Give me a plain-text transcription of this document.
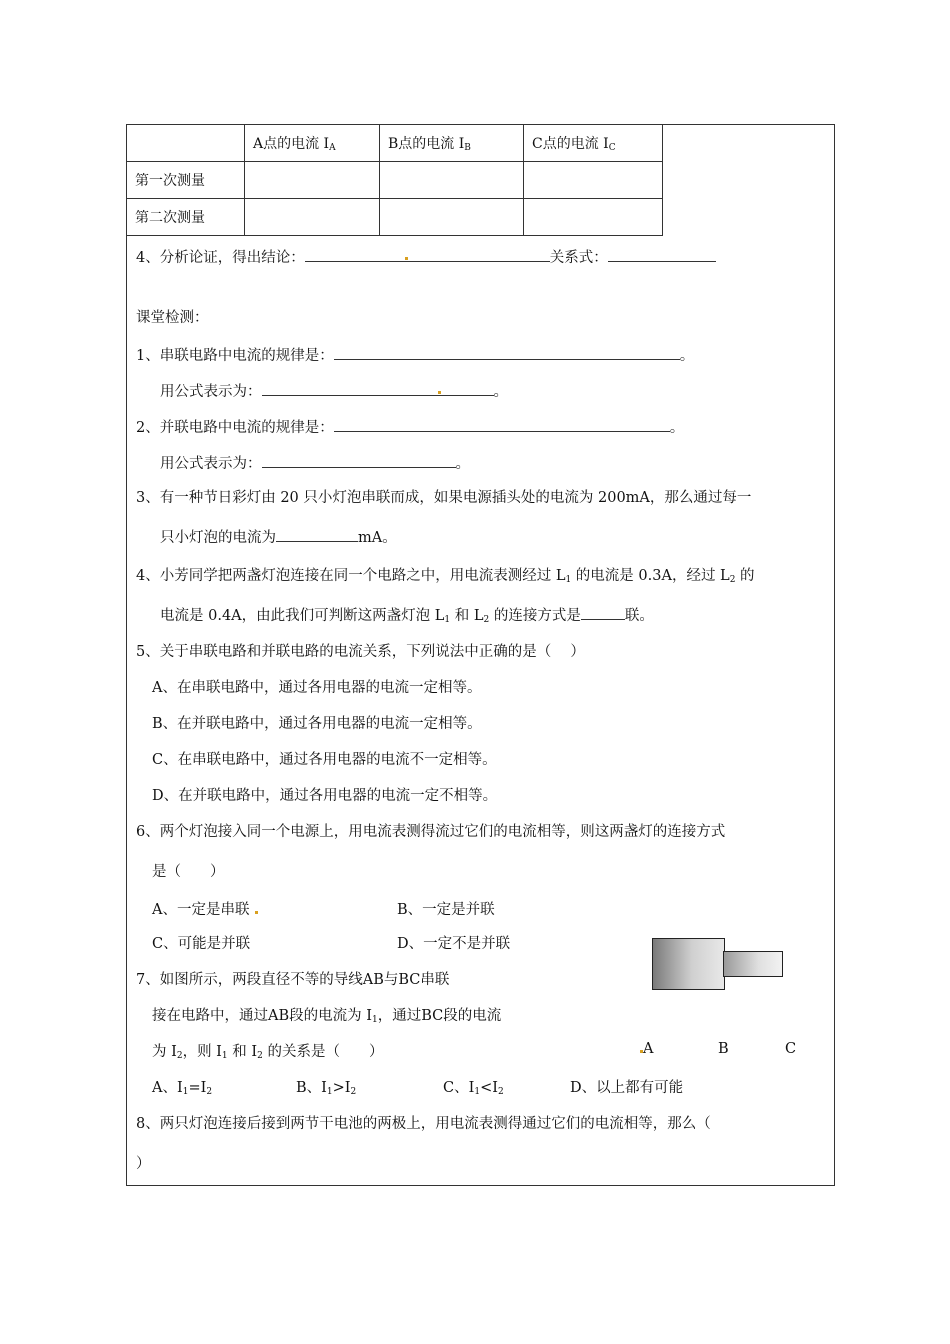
	A点的电流 $I_A$	B点的电流 $I_B$	C点的电流 $I_C$
第一次测量			
第二次测量			
4、分析论证，得出结论：	关系式：
课堂检测：
1、串联电路中电流的规律是：	。
用公式表示为：	。
2、并联电路中电流的规律是：	。
用公式表示为：	。
3、有一种节日彩灯由 20 只小灯泡串联而成，如果电源插头处的电流为 200mA，那么通过每一
只小灯泡的电流为	mA。
4、小芳同学把两盏灯泡连接在同一个电路之中，用电流表测经过 $L_1$ 的电流是 0.3A，经过 $L_2$ 的
电流是 0.4A，由此我们可判断这两盏灯泡 $L_1$ 和 $L_2$ 的连接方式是	联。
5、关于串联电路和并联电路的电流关系，下列说法中正确的是（　 ）
A、在串联电路中，通过各用电器的电流一定相等。
B、在并联电路中，通过各用电器的电流一定相等。
C、在串联电路中，通过各用电器的电流不一定相等。
D、在并联电路中，通过各用电器的电流一定不相等。
6、两个灯泡接入同一个电源上，用电流表测得流过它们的电流相等，则这两盏灯的连接方式
是（　　）
A、一定是串联	B、一定是并联
C、可能是并联	D、一定不是并联
A	B	C
7、如图所示，两段直径不等的导线AB与BC串联
接在电路中，通过AB段的电流为 $I_1$，通过BC段的电流
为 $I_2$，则 $I_1$ 和 $I_2$ 的关系是（　　）
A、$I_1=I_2$	B、$I_1>I_2$	C、$I_1<I_2$	D、以上都有可能
8、两只灯泡连接后接到两节干电池的两极上，用电流表测得通过它们的电流相等，那么（
）
